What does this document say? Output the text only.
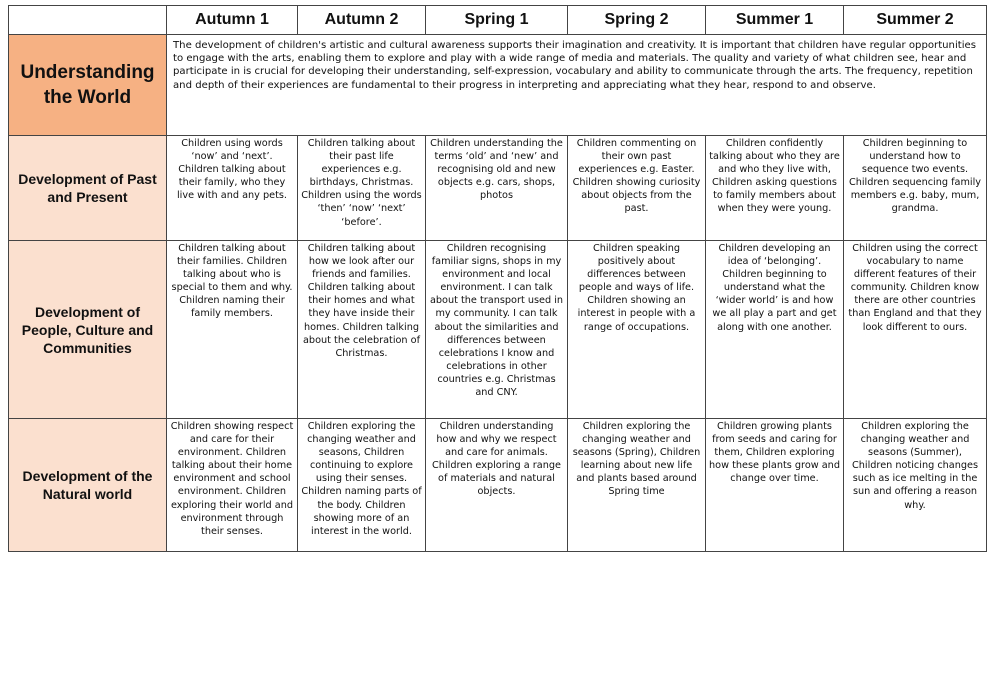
	Autumn 1	Autumn 2	Spring 1	Spring 2	Summer 1	Summer 2
Understanding the World	The development of children's artistic and cultural awareness supports their imagination and creativity. It is important that children have regular opportunities to engage with the arts, enabling them to explore and play with a wide range of media and materials. The quality and variety of what children see, hear and participate in is crucial for developing their understanding, self-expression, vocabulary and ability to communicate through the arts. The frequency, repetition and depth of their experiences are fundamental to their progress in interpreting and appreciating what they hear, respond to and observe.					
Development of Past and Present	Children using words ‘now’ and ‘next’. Children talking about their family, who they live with and any pets.	Children talking about their past life experiences e.g. birthdays, Christmas. Children using the words ‘then’ ‘now’ ‘next’ ‘before’.	Children understanding the terms ‘old’ and ‘new’ and recognising old and new objects e.g. cars, shops, photos	Children commenting on their own past experiences e.g. Easter. Children showing curiosity about objects from the past.	Children confidently talking about who they are and who they live with, Children asking questions to family members about when they were young.	Children beginning to understand how to sequence two events. Children sequencing family members e.g. baby, mum, grandma.
Development of People, Culture and Communities	Children talking about their families. Children talking about who is special to them and why. Children naming their family members.	Children talking about how we look after our friends and families. Children talking about their homes and what they have inside their homes. Children talking about the celebration of Christmas.	Children recognising familiar signs, shops in my environment and local environment. I can talk about the transport used in my community. I can talk about the similarities and differences between celebrations I know and celebrations in other countries e.g. Christmas and CNY.	Children speaking positively about differences between people and ways of life. Children showing an interest in people with a range of occupations.	Children developing an idea of ‘belonging’. Children beginning to understand what the ‘wider world’ is and how we all play a part and get along with one another.	Children using the correct vocabulary to name different features of their community. Children know there are other countries than England and that they look different to ours.
Development of the Natural world	Children showing respect and care for their environment. Children talking about their home environment and school environment. Children exploring their world and environment through their senses.	Children exploring the changing weather and seasons, Children continuing to explore using their senses. Children naming parts of the body. Children showing more of an interest in the world.	Children understanding how and why we respect and care for animals. Children exploring a range of materials and natural objects.	Children exploring the changing weather and seasons (Spring), Children learning about new life and plants based around Spring time	Children growing plants from seeds and caring for them, Children exploring how these plants grow and change over time.	Children exploring the changing weather and seasons (Summer), Children noticing changes such as ice melting in the sun and offering a reason why.
